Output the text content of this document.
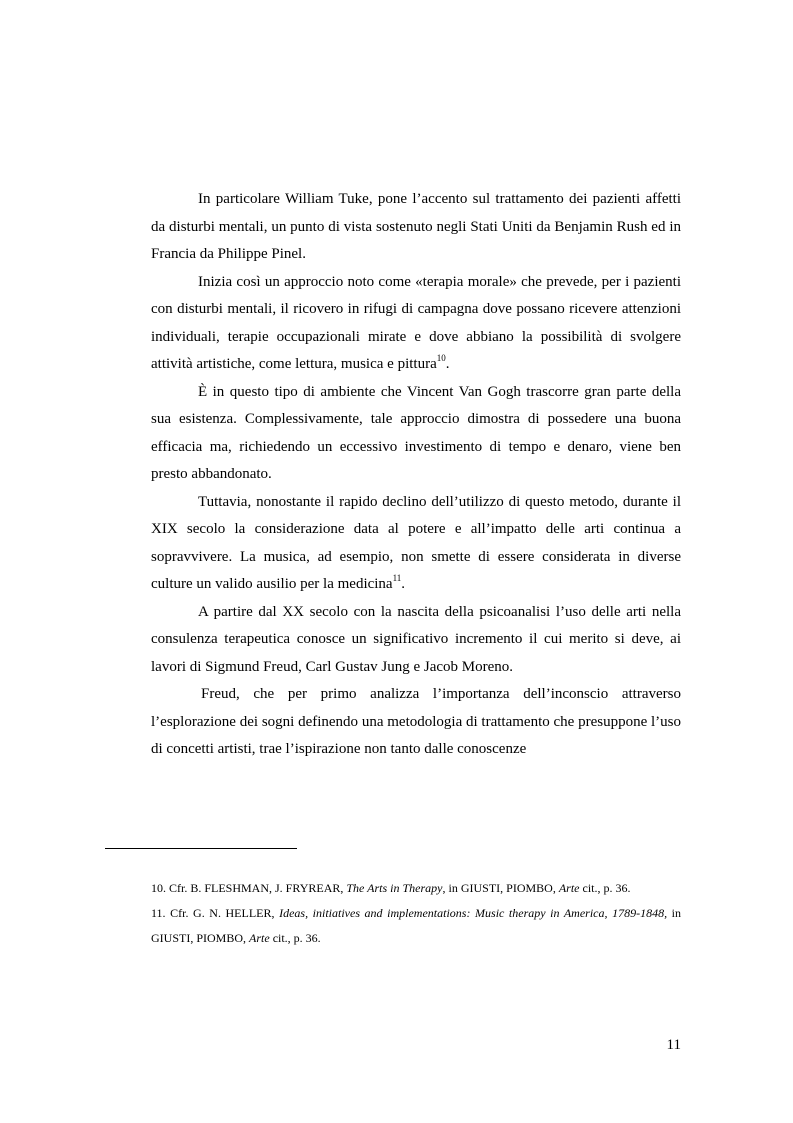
In particolare William Tuke, pone l’accento sul trattamento dei pazienti affetti da disturbi mentali, un punto di vista sostenuto negli Stati Uniti da Benjamin Rush ed in Francia da Philippe Pinel.

Inizia così un approccio noto come «terapia morale» che prevede, per i pazienti con disturbi mentali, il ricovero in rifugi di campagna dove possano ricevere attenzioni individuali, terapie occupazionali mirate e dove abbiano la possibilità di svolgere attività artistiche, come lettura, musica e pittura$^{10}$.

È in questo tipo di ambiente che Vincent Van Gogh trascorre gran parte della sua esistenza. Complessivamente, tale approccio dimostra di possedere una buona efficacia ma, richiedendo un eccessivo investimento di tempo e denaro, viene ben presto abbandonato.

Tuttavia, nonostante il rapido declino dell’utilizzo di questo metodo, durante il XIX secolo la considerazione data al potere e all’impatto delle arti continua a sopravvivere. La musica, ad esempio, non smette di essere considerata in diverse culture un valido ausilio per la medicina$^{11}$.

A partire dal XX secolo con la nascita della psicoanalisi l’uso delle arti nella consulenza terapeutica conosce un significativo incremento il cui merito si deve, ai lavori di Sigmund Freud, Carl Gustav Jung e Jacob Moreno.

Freud, che per primo analizza l’importanza dell’inconscio attraverso l’esplorazione dei sogni definendo una metodologia di trattamento che presuppone l’uso di concetti artisti, trae l’ispirazione non tanto dalle conoscenze

10. Cfr. B. FLESHMAN, J. FRYREAR, The Arts in Therapy, in GIUSTI, PIOMBO, Arte cit., p. 36.

11. Cfr. G. N. HELLER, Ideas, initiatives and implementations: Music therapy in America, 1789-1848, in GIUSTI, PIOMBO, Arte cit., p. 36.

11
